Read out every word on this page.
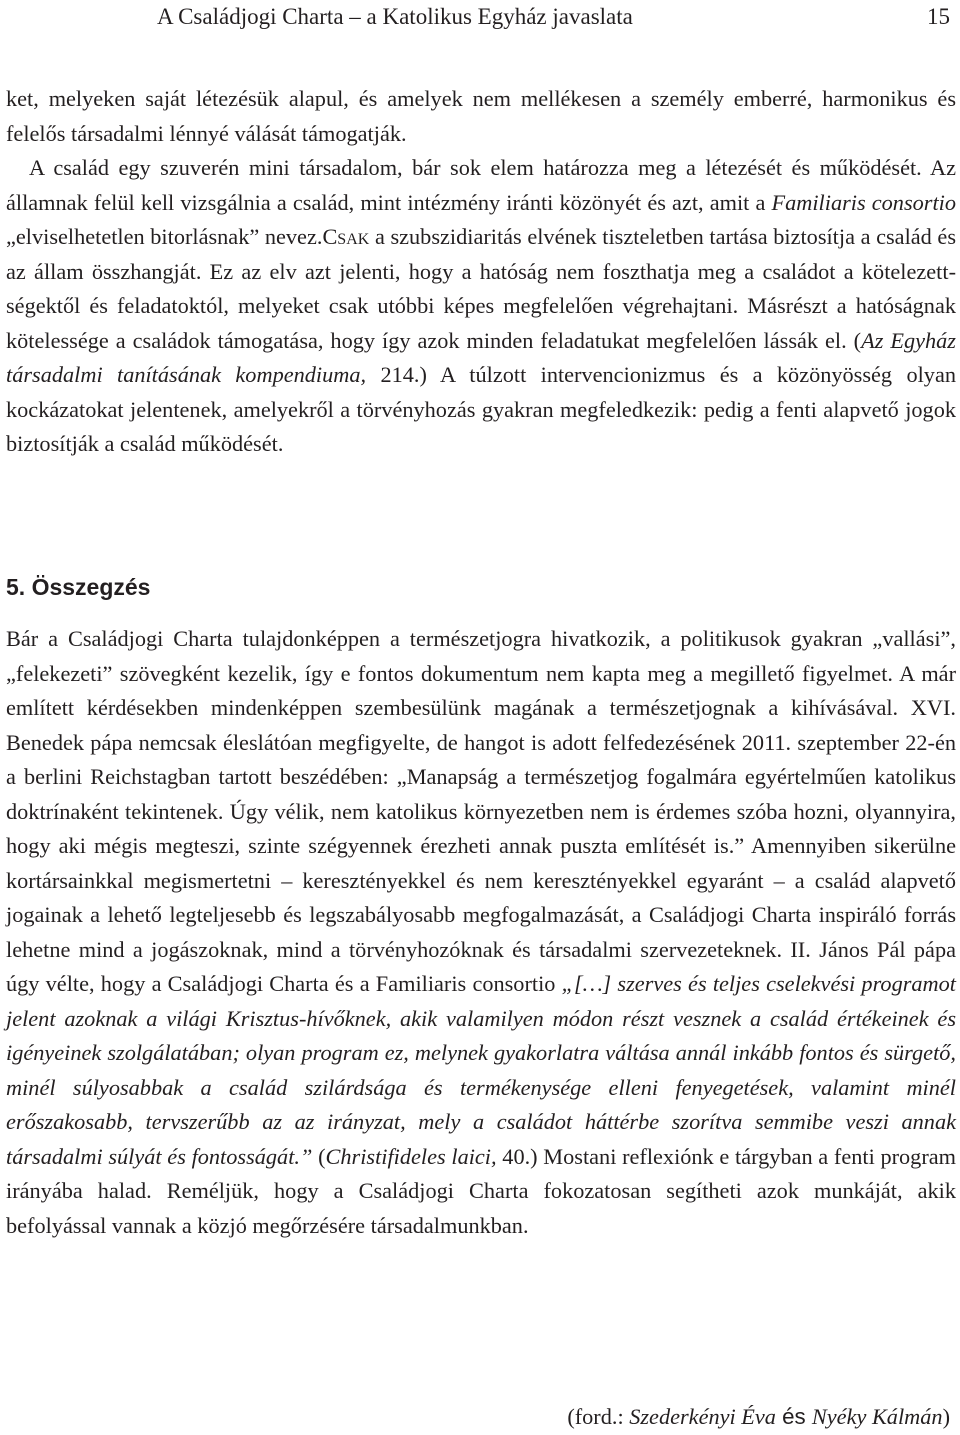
A Családjogi Charta – a Katolikus Egyház javaslata	15
ket, melyeken saját létezésük alapul, és amelyek nem mellékesen a személy emberré, harmonikus és felelős társadalmi lénnyé válását támogatják.
A család egy szuverén mini társadalom, bár sok elem határozza meg a létezését és működését. Az államnak felül kell vizsgálnia a család, mint intézmény iránti közönyét és azt, amit a Familiaris consortio „elviselhetetlen bitorlásnak” nevez.Csak a szubszidiaritás elvének tiszteletben tartása biztosítja a család és az állam összhangját. Ez az elv azt jelenti, hogy a hatóság nem foszthatja meg a családot a kötelezettségektől és feladatoktól, melyeket csak utóbbi képes megfelelően végrehajtani. Másrészt a hatóságnak kötelessége a családok támogatása, hogy így azok minden feladatukat megfelelően lássák el. (Az Egyház társadalmi tanításának kompendiuma, 214.) A túlzott intervencionizmus és a közönyösség olyan kockázatokat jelentenek, amelyekről a törvényhozás gyakran megfeledkezik: pedig a fenti alapvető jogok biztosítják a család működését.
5. Összegzés
Bár a Családjogi Charta tulajdonképpen a természetjogra hivatkozik, a politikusok gyakran „vallási”, „felekezeti” szövegként kezelik, így e fontos dokumentum nem kapta meg a megillető figyelmet. A már említett kérdésekben mindenképpen szembesülünk magának a természetjognak a kihívásával. XVI. Benedek pápa nemcsak éleslátóan megfigyelte, de hangot is adott felfedezésének 2011. szeptember 22-én a berlini Reichstagban tartott beszédében: „Manapság a természetjog fogalmára egyértelműen katolikus doktrínaként tekintenek. Úgy vélik, nem katolikus környezetben nem is érdemes szóba hozni, olyannyira, hogy aki mégis megteszi, szinte szégyennek érezheti annak puszta említését is.” Amennyiben sikerülne kortársainkkal megismertetni – keresztényekkel és nem keresztényekkel egyaránt – a család alapvető jogainak a lehető legteljesebb és legszabályosabb megfogalmazását, a Családjogi Charta inspiráló forrás lehetne mind a jogászoknak, mind a törvényhozóknak és társadalmi szervezeteknek. II. János Pál pápa úgy vélte, hogy a Családjogi Charta és a Familiaris consortio „[…] szerves és teljes cselekvési programot jelent azoknak a világi Krisztus-hívőknek, akik valamilyen módon részt vesznek a család értékeinek és igényeinek szolgálatában; olyan program ez, melynek gyakorlatra váltása annál inkább fontos és sürgető, minél súlyosabbak a család szilárdsága és termékenysége elleni fenyegetések, valamint minél erőszakosabb, tervszerűbb az az irányzat, mely a családot háttérbe szorítva semmibe veszi annak társadalmi súlyát és fontosságát.” (Christifideles laici, 40.) Mostani reflexiónk e tárgyban a fenti program irányába halad. Reméljük, hogy a Családjogi Charta fokozatosan segítheti azok munkáját, akik befolyással vannak a közjó megőrzésére társadalmunkban.
(ford.: Szederkényi Éva és Nyéky Kálmán)
